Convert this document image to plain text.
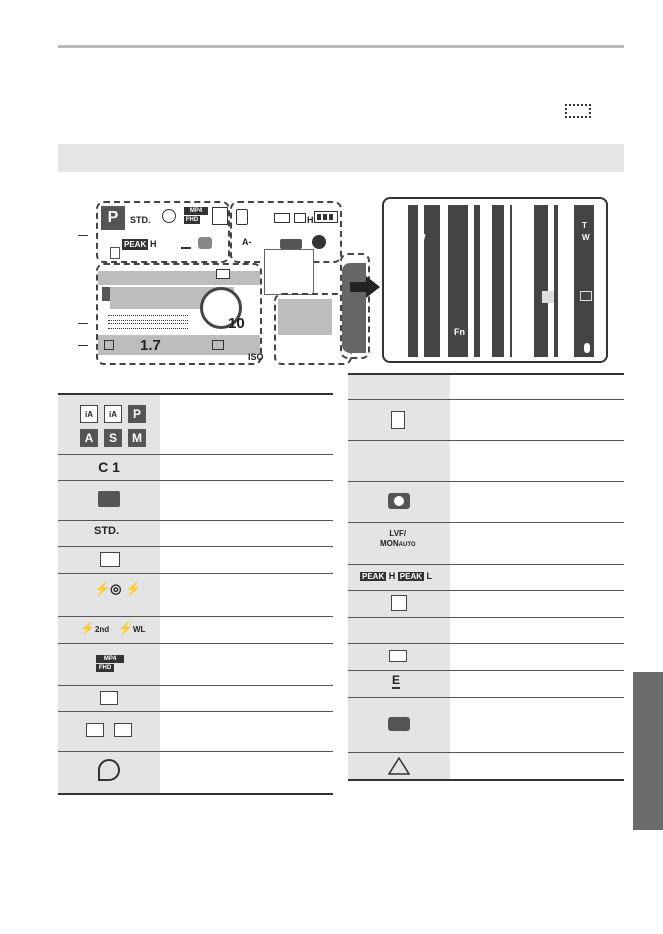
P	STD.
MP4
FHD
PEAK H
H
A-
1.7
10
ISO
T
W
T
W
Fn
iA	iA	P
A	S	M
C 1
STD.
⚡◎ ⚡
⚡2nd ⚡WL
MP4
FHD
LVF/
MONAUTO
PEAK H PEAK L
E
